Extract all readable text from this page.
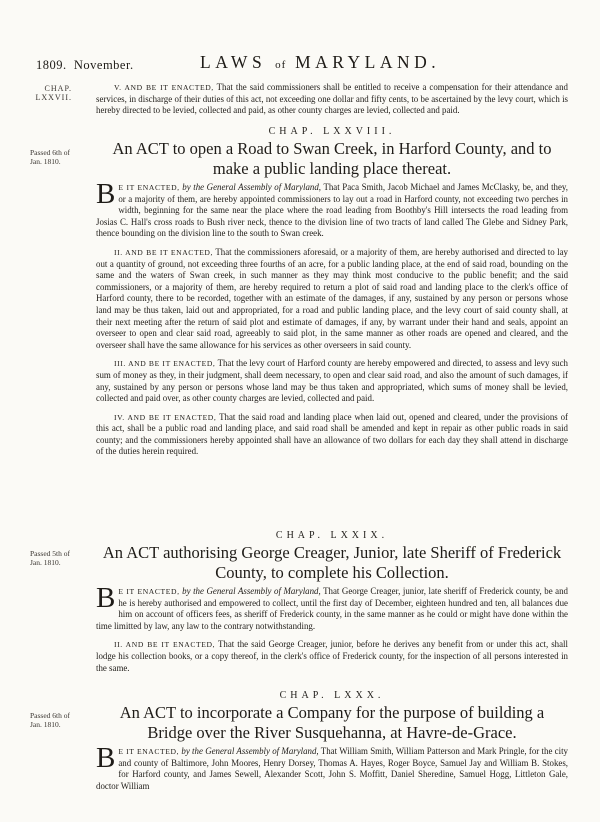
1809. November.	LAWS of MARYLAND.
CHAP.
LXXVII.

V. AND BE IT ENACTED, That the said commissioners shall be entitled to receive a compensation for their attendance and services, in discharge of their duties of this act, not exceeding one dollar and fifty cents, to be ascertained by the levy court, which is hereby directed to be levied, collected and paid, as other county charges are levied, collected and paid.

Passed 6th of
Jan. 1810.
CHAP. LXXVIII.

An ACT to open a Road to Swan Creek, in Harford County, and to make a public landing place thereat.

BE IT ENACTED, by the General Assembly of Maryland, That Paca Smith, Jacob Michael and James McClasky, be, and they, or a majority of them, are hereby appointed commissioners to lay out a road in Harford county, not exceeding two perches in width, beginning for the same near the place where the road leading from Boothby's Hill intersects the road leading from Josias C. Hall's cross roads to Bush river neck, thence to the division line of two tracts of land called The Glebe and Sidney Park, thence bounding on the division line to the south to Swan creek.

II. AND BE IT ENACTED, That the commissioners aforesaid, or a majority of them, are hereby authorised and directed to lay out a quantity of ground, not exceeding three fourths of an acre, for a public landing place, at the end of said road, bounding on the same and the waters of Swan creek, in such manner as they may think most conducive to the public benefit; and the said commissioners, or a majority of them, are hereby required to return a plot of said road and landing place to the clerk's office of Harford county, there to be recorded, together with an estimate of the damages, if any, sustained by any person or persons whose land may be thus taken, laid out and appropriated, for a road and public landing place, and the levy court of said county shall, at their next meeting after the return of said plot and estimate of damages, if any, by warrant under their hand and seals, appoint an overseer to open and clear said road, agreeably to said plot, in the same manner as other roads are opened and cleared, and the overseer shall have the same allowance for his services as other overseers in said county.

III. AND BE IT ENACTED, That the levy court of Harford county are hereby empowered and directed, to assess and levy such sum of money as they, in their judgment, shall deem necessary, to open and clear said road, and also the amount of such damages, if any, sustained by any person or persons whose land may be thus taken and appropriated, which sums of money shall be levied, collected and paid over, as other county charges are levied, collected and paid.

IV. AND BE IT ENACTED, That the said road and landing place when laid out, opened and cleared, under the provisions of this act, shall be a public road and landing place, and said road shall be amended and kept in repair as other public roads in said county; and the commissioners hereby appointed shall have an allowance of two dollars for each day they shall attend in discharge of the duties herein required.

Passed 5th of
Jan. 1810.
CHAP. LXXIX.

An ACT authorising George Creager, Junior, late Sheriff of Frederick County, to complete his Collection.

BE IT ENACTED, by the General Assembly of Maryland, That George Creager, junior, late sheriff of Frederick county, be and he is hereby authorised and empowered to collect, until the first day of December, eighteen hundred and ten, all balances due him on account of officers fees, as sheriff of Frederick county, in the same manner as he could or might have done within the time limitted by law, any law to the contrary notwithstanding.

II. AND BE IT ENACTED, That the said George Creager, junior, before he derives any benefit from or under this act, shall lodge his collection books, or a copy thereof, in the clerk's office of Frederick county, for the inspection of all persons interested in the same.

Passed 6th of
Jan. 1810.
CHAP. LXXX.

An ACT to incorporate a Company for the purpose of building a Bridge over the River Susquehanna, at Havre-de-Grace.

BE IT ENACTED, by the General Assembly of Maryland, That William Smith, William Patterson and Mark Pringle, for the city and county of Baltimore, John Moores, Henry Dorsey, Thomas A. Hayes, Roger Boyce, Samuel Jay and William B. Stokes, for Harford county, and James Sewell, Alexander Scott, John S. Moffitt, Daniel Sheredine, Samuel Hogg, Littleton Gale, doctor William
